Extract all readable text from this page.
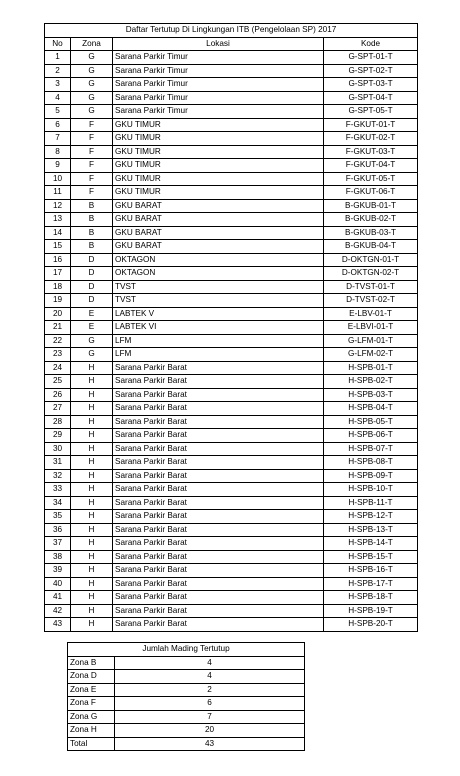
Daftar Tertutup Di Lingkungan ITB (Pengelolaan SP) 2017			
No	Zona	Lokasi	Kode
1	G	Sarana Parkir Timur	G-SPT-01-T
2	G	Sarana Parkir Timur	G-SPT-02-T
3	G	Sarana Parkir Timur	G-SPT-03-T
4	G	Sarana Parkir Timur	G-SPT-04-T
5	G	Sarana Parkir Timur	G-SPT-05-T
6	F	GKU TIMUR	F-GKUT-01-T
7	F	GKU TIMUR	F-GKUT-02-T
8	F	GKU TIMUR	F-GKUT-03-T
9	F	GKU TIMUR	F-GKUT-04-T
10	F	GKU TIMUR	F-GKUT-05-T
11	F	GKU TIMUR	F-GKUT-06-T
12	B	GKU BARAT	B-GKUB-01-T
13	B	GKU BARAT	B-GKUB-02-T
14	B	GKU BARAT	B-GKUB-03-T
15	B	GKU BARAT	B-GKUB-04-T
16	D	OKTAGON	D-OKTGN-01-T
17	D	OKTAGON	D-OKTGN-02-T
18	D	TVST	D-TVST-01-T
19	D	TVST	D-TVST-02-T
20	E	LABTEK V	E-LBV-01-T
21	E	LABTEK VI	E-LBVI-01-T
22	G	LFM	G-LFM-01-T
23	G	LFM	G-LFM-02-T
24	H	Sarana Parkir Barat	H-SPB-01-T
25	H	Sarana Parkir Barat	H-SPB-02-T
26	H	Sarana Parkir Barat	H-SPB-03-T
27	H	Sarana Parkir Barat	H-SPB-04-T
28	H	Sarana Parkir Barat	H-SPB-05-T
29	H	Sarana Parkir Barat	H-SPB-06-T
30	H	Sarana Parkir Barat	H-SPB-07-T
31	H	Sarana Parkir Barat	H-SPB-08-T
32	H	Sarana Parkir Barat	H-SPB-09-T
33	H	Sarana Parkir Barat	H-SPB-10-T
34	H	Sarana Parkir Barat	H-SPB-11-T
35	H	Sarana Parkir Barat	H-SPB-12-T
36	H	Sarana Parkir Barat	H-SPB-13-T
37	H	Sarana Parkir Barat	H-SPB-14-T
38	H	Sarana Parkir Barat	H-SPB-15-T
39	H	Sarana Parkir Barat	H-SPB-16-T
40	H	Sarana Parkir Barat	H-SPB-17-T
41	H	Sarana Parkir Barat	H-SPB-18-T
42	H	Sarana Parkir Barat	H-SPB-19-T
43	H	Sarana Parkir Barat	H-SPB-20-T
Jumlah Mading Tertutup	
Zona B	4
Zona D	4
Zona E	2
Zona F	6
Zona G	7
Zona H	20
Total	43
